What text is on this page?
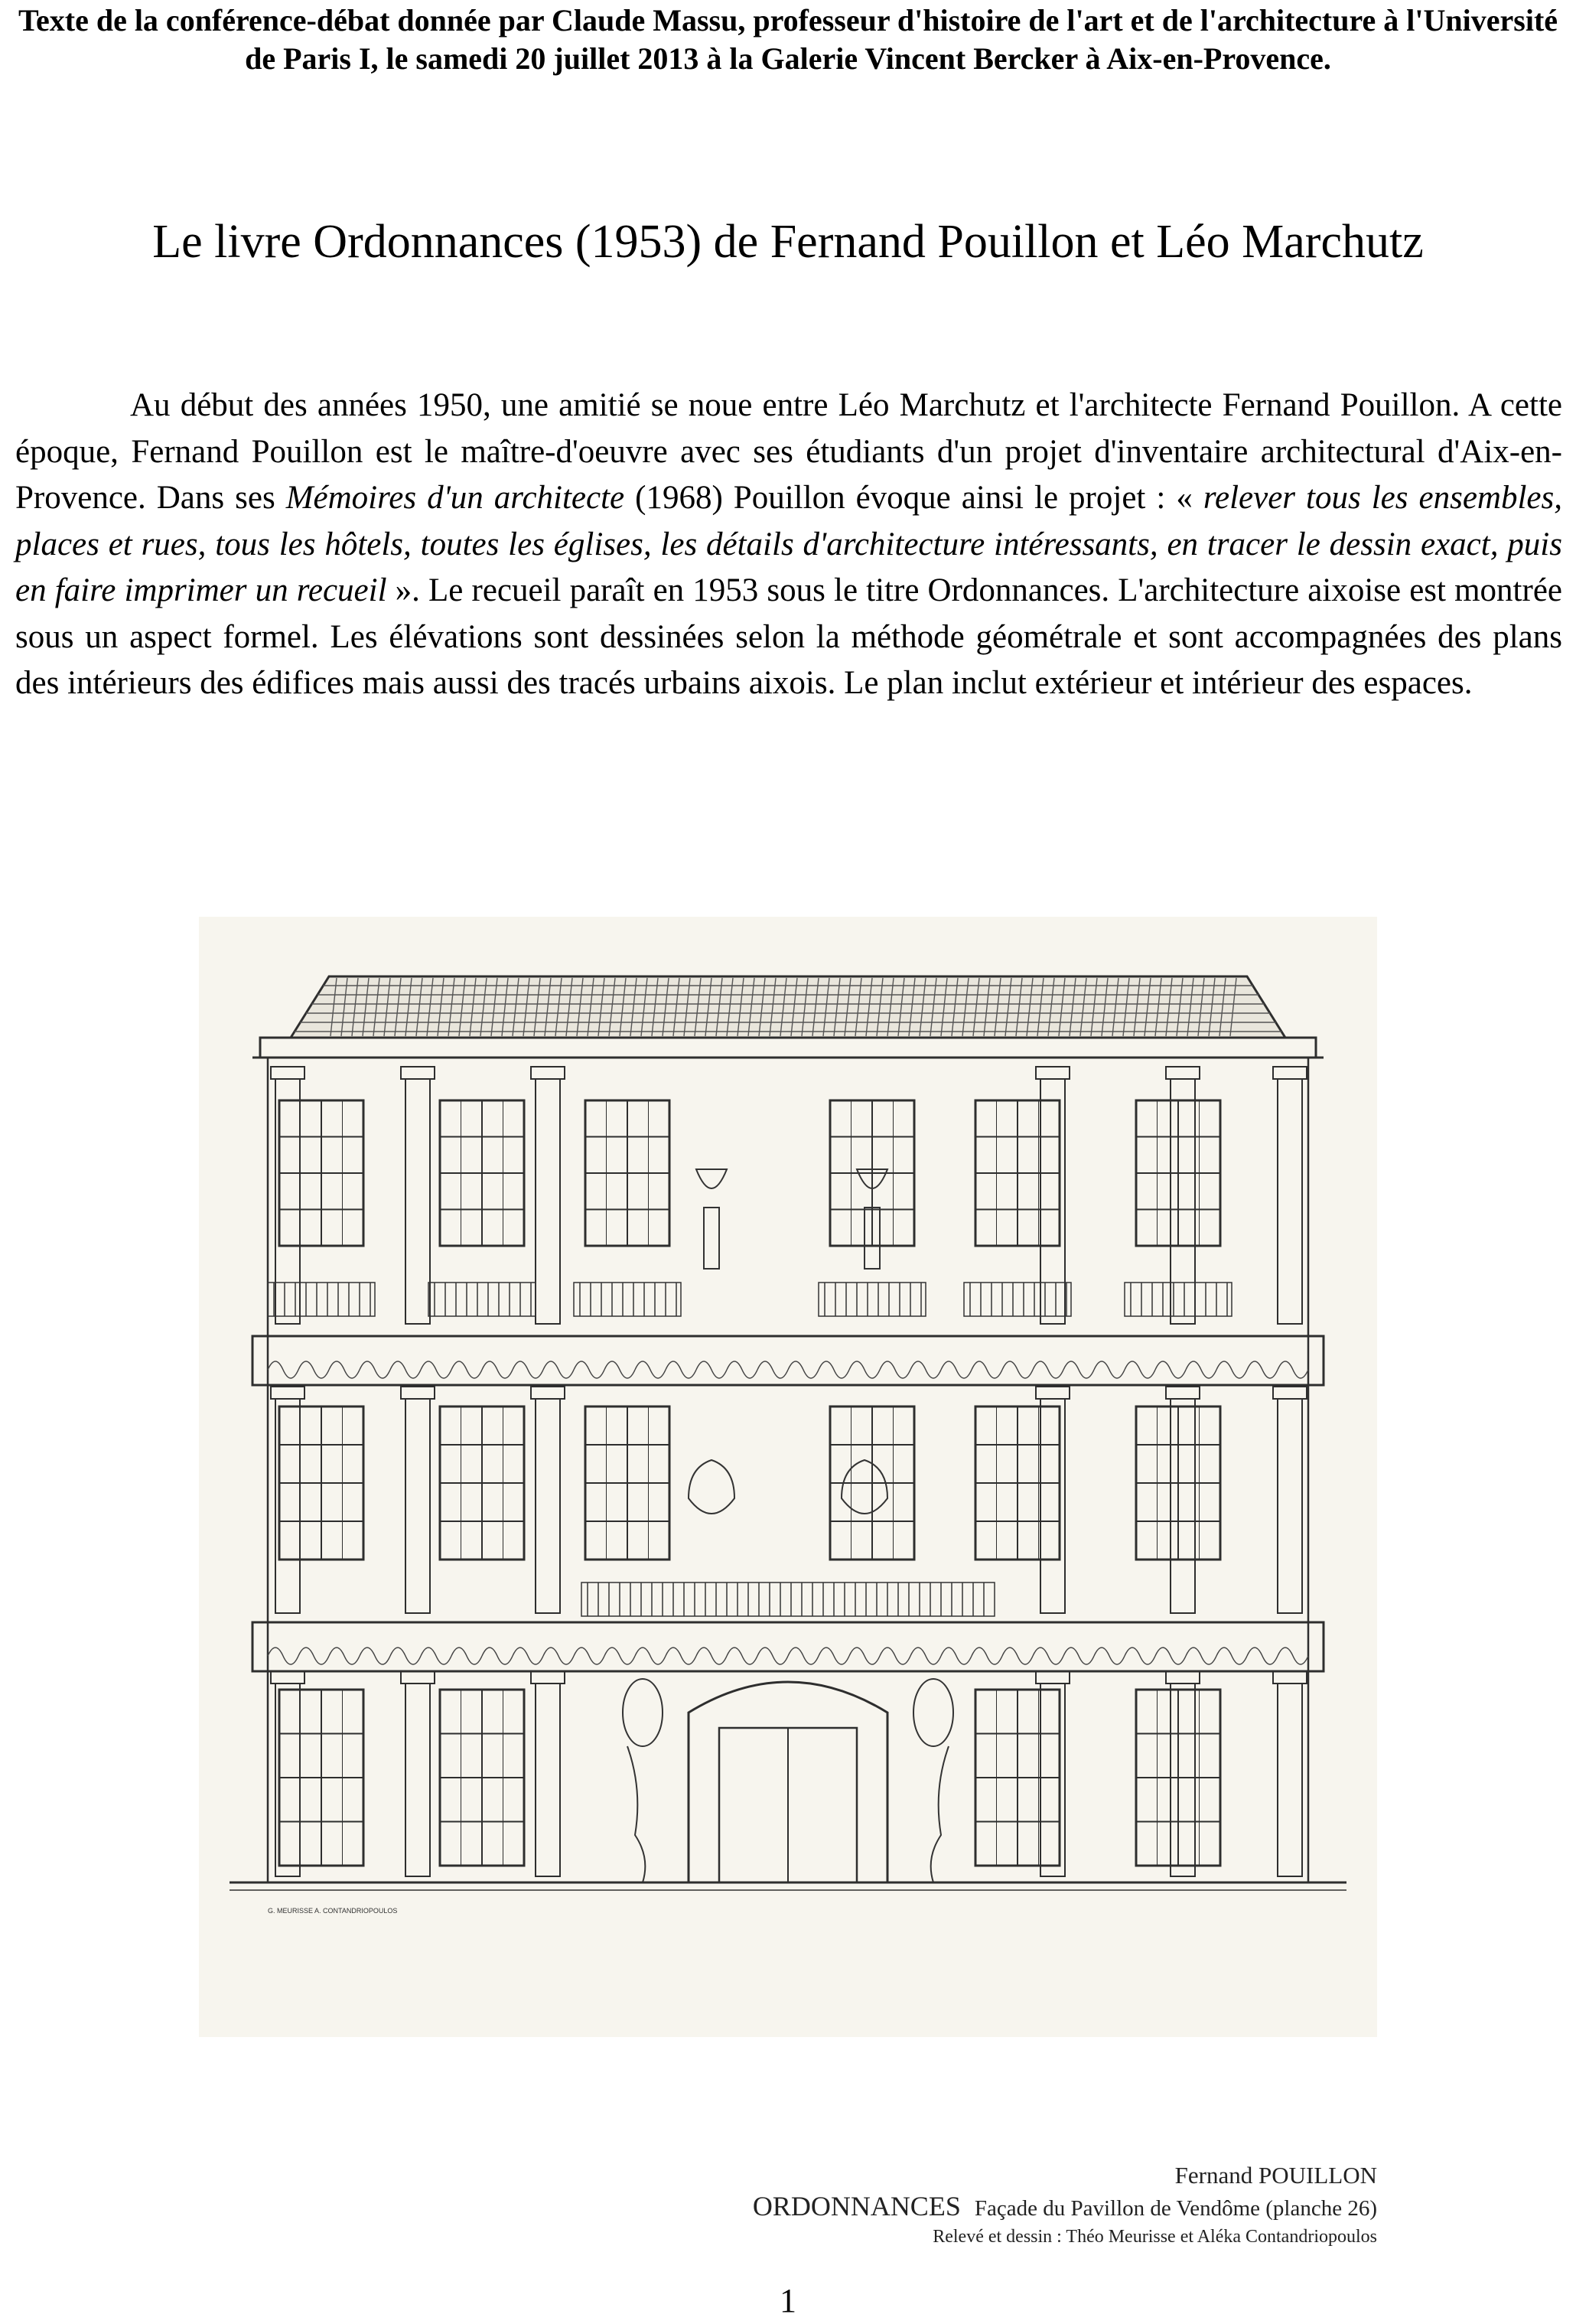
Texte de la conférence-débat donnée par Claude Massu, professeur d'histoire de l'art et de l'architecture à l'Université de Paris I, le samedi 20 juillet 2013 à la Galerie Vincent Bercker à Aix-en-Provence.
Le livre Ordonnances (1953) de Fernand Pouillon et Léo Marchutz

Au début des années 1950, une amitié se noue entre Léo Marchutz et l'architecte Fernand Pouillon. A cette époque, Fernand Pouillon est le maître-d'oeuvre avec ses étudiants d'un projet d'inventaire architectural d'Aix-en-Provence. Dans ses Mémoires d'un architecte (1968) Pouillon évoque ainsi le projet : « relever tous les ensembles, places et rues, tous les hôtels, toutes les églises, les détails d'architecture intéressants, en tracer le dessin exact, puis en faire imprimer un recueil ». Le recueil paraît en 1953 sous le titre Ordonnances. L'architecture aixoise est montrée sous un aspect formel. Les élévations sont dessinées selon la méthode géométrale et sont accompagnées des plans des intérieurs des édifices mais aussi des tracés urbains aixois. Le plan inclut extérieur et intérieur des espaces.

G. MEURISSE A. CONTANDRIOPOULOS
Fernand POUILLON
ORDONNANCES Façade du Pavillon de Vendôme (planche 26)
Relevé et dessin : Théo Meurisse et Aléka Contandriopoulos
1
